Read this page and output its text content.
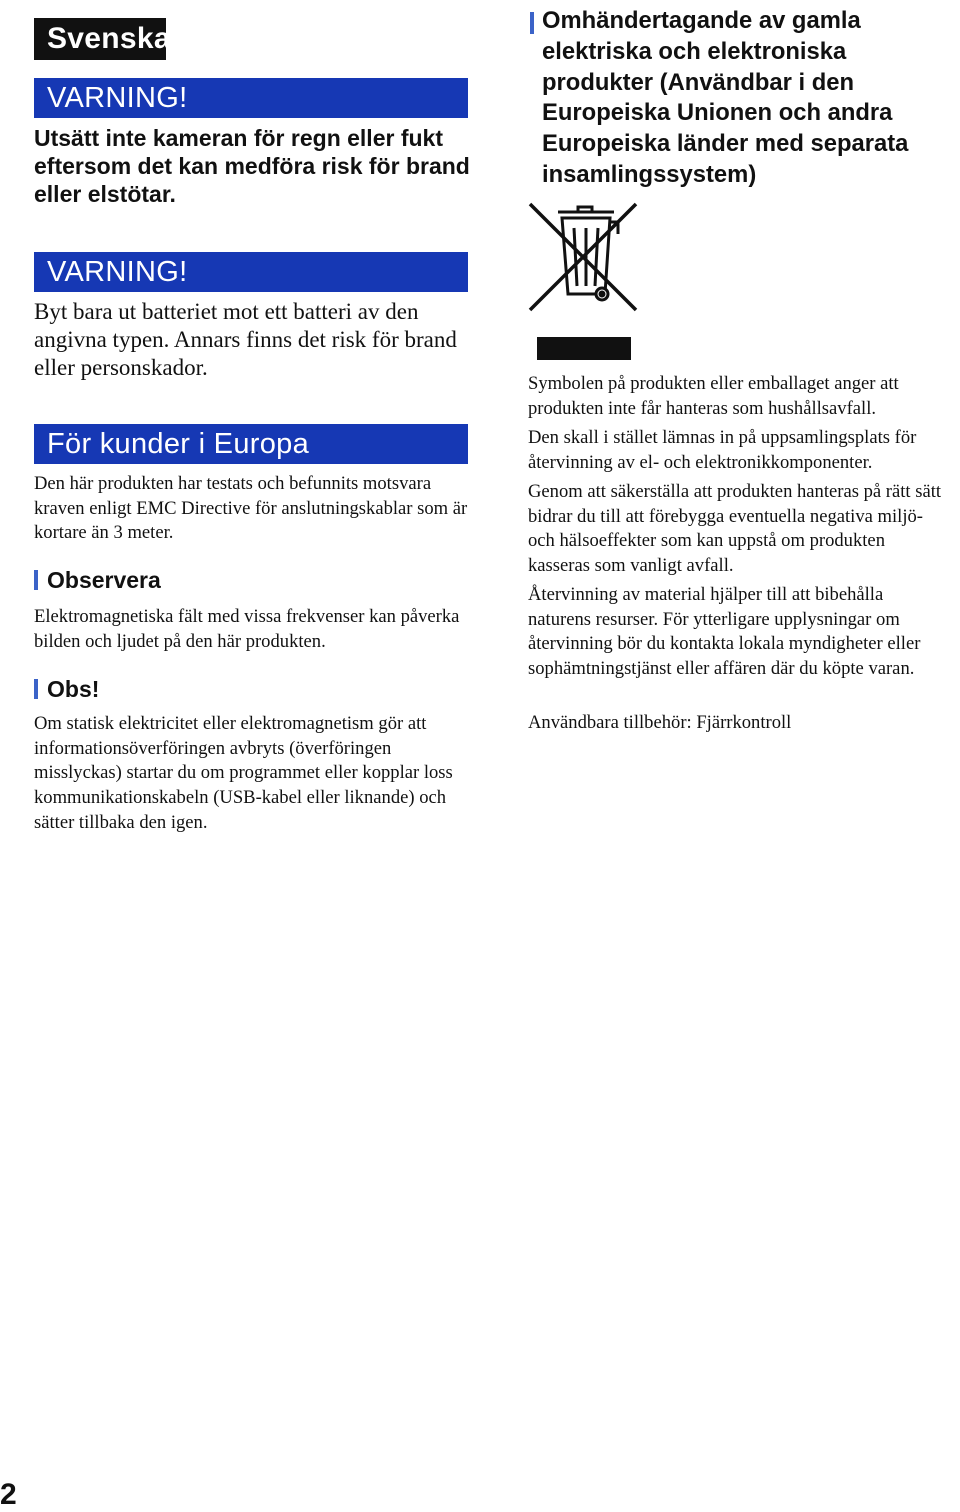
Svenska
VARNING!
Utsätt inte kameran för regn eller fukt eftersom det kan medföra risk för brand eller elstötar.
VARNING!
Byt bara ut batteriet mot ett batteri av den angivna typen. Annars finns det risk för brand eller personskador.
För kunder i Europa
Den här produkten har testats och befunnits motsvara kraven enligt EMC Directive för anslutningskablar som är kortare än 3 meter.
Observera
Elektromagnetiska fält med vissa frekvenser kan påverka bilden och ljudet på den här produkten.
Obs!
Om statisk elektricitet eller elektromagnetism gör att informationsöverföringen avbryts (överföringen misslyckas) startar du om programmet eller kopplar loss kommunikationskabeln (USB-kabel eller liknande) och sätter tillbaka den igen.
Omhändertagande av gamla elektriska och elektroniska produkter (Användbar i den Europeiska Unionen och andra Europeiska länder med separata insamlingssystem)
Symbolen på produkten eller emballaget anger att produkten inte får hanteras som hushållsavfall.
Den skall i stället lämnas in på uppsamlingsplats för återvinning av el- och elektronikkomponenter.
Genom att säkerställa att produkten hanteras på rätt sätt bidrar du till att förebygga eventuella negativa miljö- och hälsoeffekter som kan uppstå om produkten kasseras som vanligt avfall.
Återvinning av material hjälper till att bibehålla naturens resurser. För ytterligare upplysningar om återvinning bör du kontakta lokala myndigheter eller sophämtningstjänst eller affären där du köpte varan.
Användbara tillbehör: Fjärrkontroll
2
